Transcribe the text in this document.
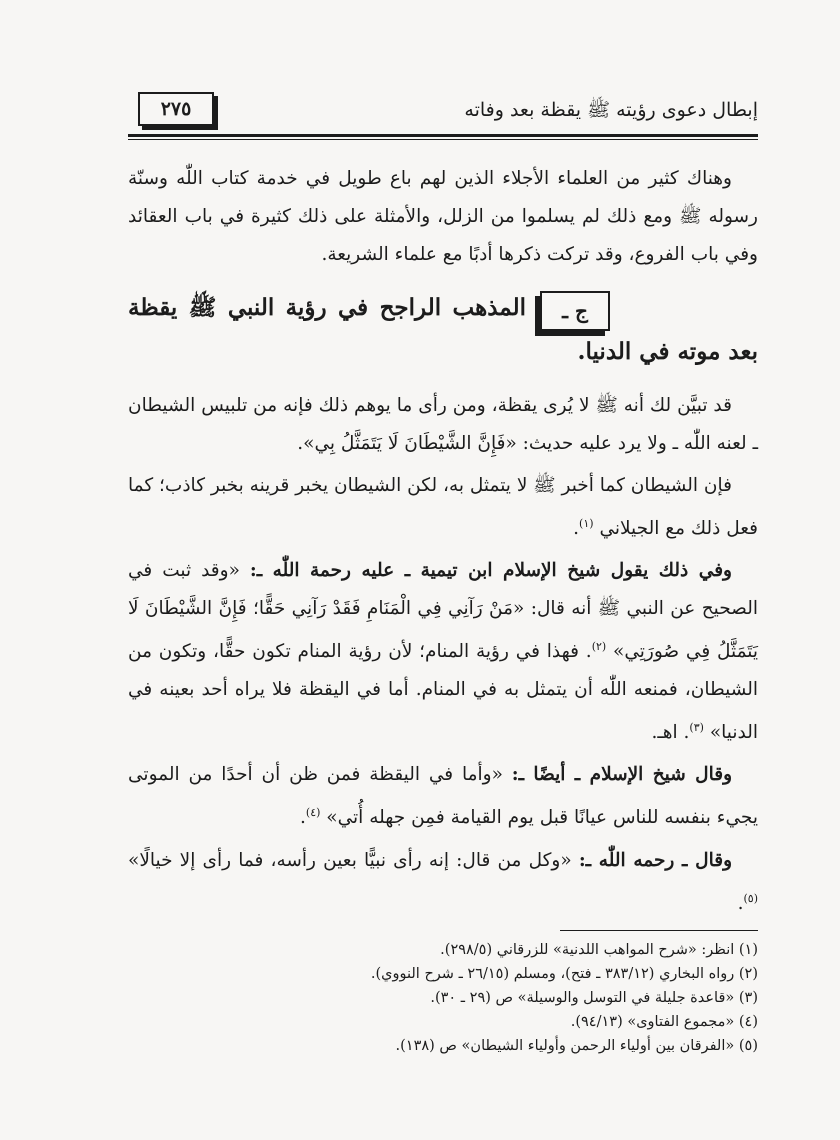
إبطال دعوى رؤيته ﷺ يقظة بعد وفاته
٢٧٥

وهناك كثير من العلماء الأجلاء الذين لهم باع طويل في خدمة كتاب اللّٰه وسنّة رسوله ﷺ ومع ذلك لم يسلموا من الزلل، والأمثلة على ذلك كثيرة في باب العقائد وفي باب الفروع، وقد تركت ذكرها أدبًا مع علماء الشريعة.

المذهب الراجح في رؤية النبي ﷺ يقظة بعد موته في الدنيا.
ج ـ

قد تبيَّن لك أنه ﷺ لا يُرى يقظة، ومن رأى ما يوهم ذلك فإنه من تلبيس الشيطان ـ لعنه اللّٰه ـ ولا يرد عليه حديث: «فَإِنَّ الشَّيْطَانَ لَا يَتَمَثَّلُ بِي».

فإن الشيطان كما أخبر ﷺ لا يتمثل به، لكن الشيطان يخبر قرينه بخبر كاذب؛ كما فعل ذلك مع الجيلاني $^{(١)}$.

وفي ذلك يقول شيخ الإسلام ابن تيمية ـ عليه رحمة اللّٰه ـ: «وقد ثبت في الصحيح عن النبي ﷺ أنه قال: «مَنْ رَآنِي فِي الْمَنَامِ فَقَدْ رَآنِي حَقًّا؛ فَإِنَّ الشَّيْطَانَ لَا يَتَمَثَّلُ فِي صُورَتِي» $^{(٢)}$. فهذا في رؤية المنام؛ لأن رؤية المنام تكون حقًّا، وتكون من الشيطان، فمنعه اللّٰه أن يتمثل به في المنام. أما في اليقظة فلا يراه أحد بعينه في الدنيا» $^{(٣)}$. اهـ.

وقال شيخ الإسلام ـ أيضًا ـ: «وأما في اليقظة فمن ظن أن أحدًا من الموتى يجيء بنفسه للناس عيانًا قبل يوم القيامة فمِن جهله أُتي» $^{(٤)}$.

وقال ـ رحمه اللّٰه ـ: «وكل من قال: إنه رأى نبيًّا بعين رأسه، فما رأى إلا خيالًا» $^{(٥)}$.

(١) انظر: «شرح المواهب اللدنية» للزرقاني (٢٩٨/٥).

(٢) رواه البخاري (٣٨٣/١٢ ـ فتح)، ومسلم (٢٦/١٥ ـ شرح النووي).

(٣) «قاعدة جليلة في التوسل والوسيلة» ص (٢٩ ـ ٣٠).

(٤) «مجموع الفتاوى» (٩٤/١٣).

(٥) «الفرقان بين أولياء الرحمن وأولياء الشيطان» ص (١٣٨).
